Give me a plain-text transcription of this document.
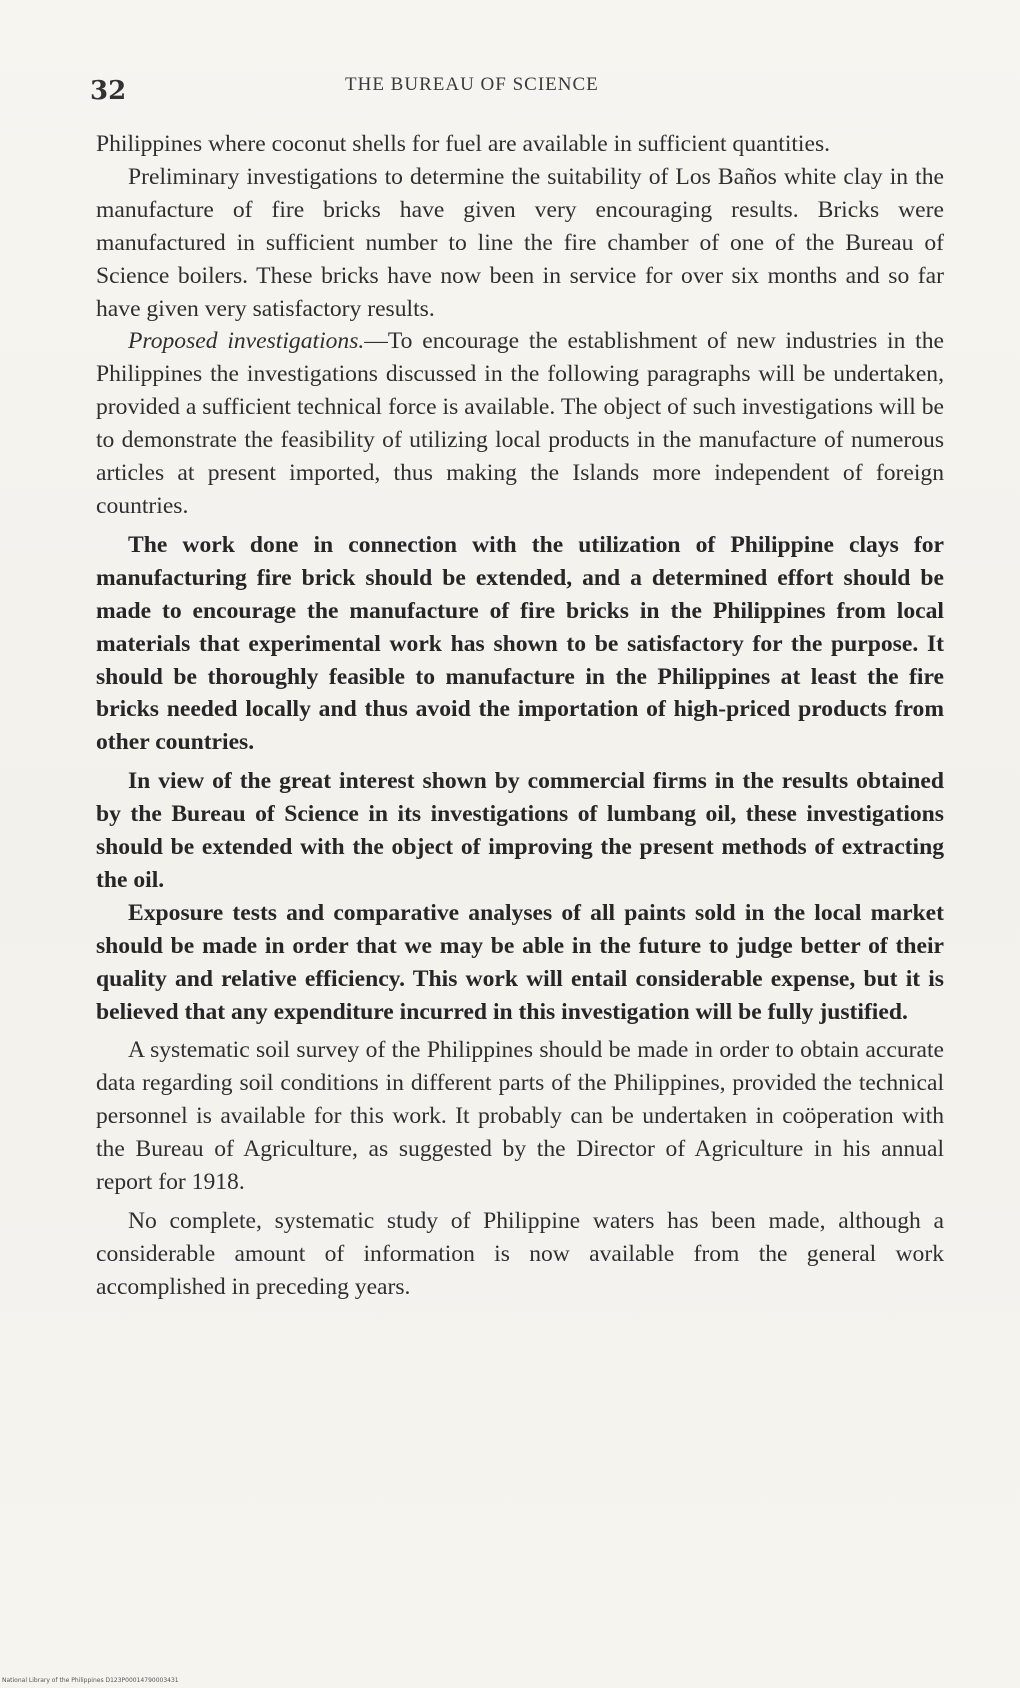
32	THE BUREAU OF SCIENCE

Philippines where coconut shells for fuel are available in sufficient quantities.

Preliminary investigations to determine the suitability of Los Baños white clay in the manufacture of fire bricks have given very encouraging results. Bricks were manufactured in sufficient number to line the fire chamber of one of the Bureau of Science boilers. These bricks have now been in service for over six months and so far have given very satisfactory results.

Proposed investigations.—To encourage the establishment of new industries in the Philippines the investigations discussed in the following paragraphs will be undertaken, provided a sufficient technical force is available. The object of such investigations will be to demonstrate the feasibility of utilizing local products in the manufacture of numerous articles at present imported, thus making the Islands more independent of foreign countries.

The work done in connection with the utilization of Philippine clays for manufacturing fire brick should be extended, and a determined effort should be made to encourage the manufacture of fire bricks in the Philippines from local materials that experimental work has shown to be satisfactory for the purpose. It should be thoroughly feasible to manufacture in the Philippines at least the fire bricks needed locally and thus avoid the importation of high-priced products from other countries.

In view of the great interest shown by commercial firms in the results obtained by the Bureau of Science in its investigations of lumbang oil, these investigations should be extended with the object of improving the present methods of extracting the oil.

Exposure tests and comparative analyses of all paints sold in the local market should be made in order that we may be able in the future to judge better of their quality and relative efficiency. This work will entail considerable expense, but it is believed that any expenditure incurred in this investigation will be fully justified.

A systematic soil survey of the Philippines should be made in order to obtain accurate data regarding soil conditions in different parts of the Philippines, provided the technical personnel is available for this work. It probably can be undertaken in coöperation with the Bureau of Agriculture, as suggested by the Director of Agriculture in his annual report for 1918.

No complete, systematic study of Philippine waters has been made, although a considerable amount of information is now available from the general work accomplished in preceding years.

National Library of the Philippines D123P00014790003431
